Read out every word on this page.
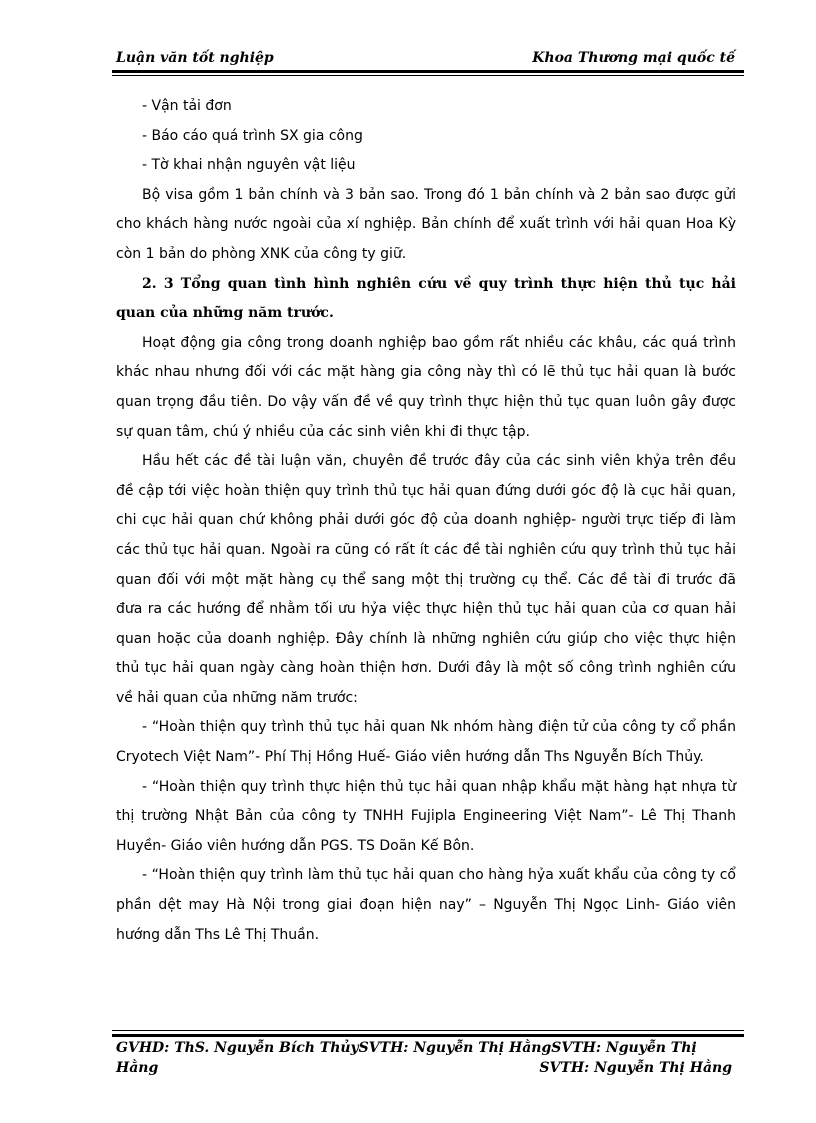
Luận văn tốt nghiệp	Khoa Thương mại quốc tế

- Vận tải đơn

- Báo cáo quá trình SX gia công

- Tờ khai nhận nguyên vật liệu

Bộ visa gồm 1 bản chính và 3 bản sao. Trong đó 1 bản chính và 2 bản sao được gửi cho khách hàng nước ngoài của xí nghiệp. Bản chính để xuất trình với hải quan Hoa Kỳ còn 1 bản do phòng XNK của công ty giữ.

2. 3 Tổng quan tình hình nghiên cứu về quy trình thực hiện thủ tục hải quan của những năm trước.

Hoạt động gia công trong doanh nghiệp bao gồm rất nhiều các khâu, các quá trình khác nhau nhưng đối với các mặt hàng gia công này thì có lẽ thủ tục hải quan là bước quan trọng đầu tiên. Do vậy vấn đề về quy trình thực hiện thủ tục quan luôn gây được sự quan tâm, chú ý nhiều của các sinh viên khi đi thực tập.

Hầu hết các đề tài luận văn, chuyên đề trước đây của các sinh viên khỷa trên đều đề cập tới việc hoàn thiện quy trình thủ tục hải quan đứng dưới góc độ là cục hải quan, chi cục hải quan chứ không phải dưới góc độ của doanh nghiệp- người trực tiếp đi làm các thủ tục hải quan. Ngoài ra cũng có rất ít các đề tài nghiên cứu quy trình thủ tục hải quan đối với một mặt hàng cụ thể sang một thị trường cụ thể. Các đề tài đi trước đã đưa ra các hướng để nhằm tối ưu hỷa việc thực hiện thủ tục hải quan của cơ quan hải quan hoặc của doanh nghiệp. Đây chính là những nghiên cứu giúp cho việc thực hiện thủ tục hải quan ngày càng hoàn thiện hơn. Dưới đây là một số công trình nghiên cứu về hải quan của những năm trước:

- “Hoàn thiện quy trình thủ tục hải quan Nk nhóm hàng điện tử của công ty cổ phần Cryotech Việt Nam”- Phí Thị Hồng Huế- Giáo viên hướng dẫn Ths Nguyễn Bích Thủy.

- “Hoàn thiện quy trình thực hiện thủ tục hải quan nhập khẩu mặt hàng hạt nhựa từ thị trường Nhật Bản của công ty TNHH Fujipla Engineering Việt Nam”- Lê Thị Thanh Huyền- Giáo viên hướng dẫn PGS. TS Doãn Kế Bôn.

- “Hoàn thiện quy trình làm thủ tục hải quan cho hàng hỷa xuất khẩu của công ty cổ phần dệt may Hà Nội trong giai đoạn hiện nay” – Nguyễn Thị Ngọc Linh- Giáo viên hướng dẫn Ths Lê Thị Thuần.

GVHD: ThS. Nguyễn Bích ThủySVTH: Nguyễn Thị HằngSVTH: Nguyễn Thị
Hằng	SVTH: Nguyễn Thị Hằng
